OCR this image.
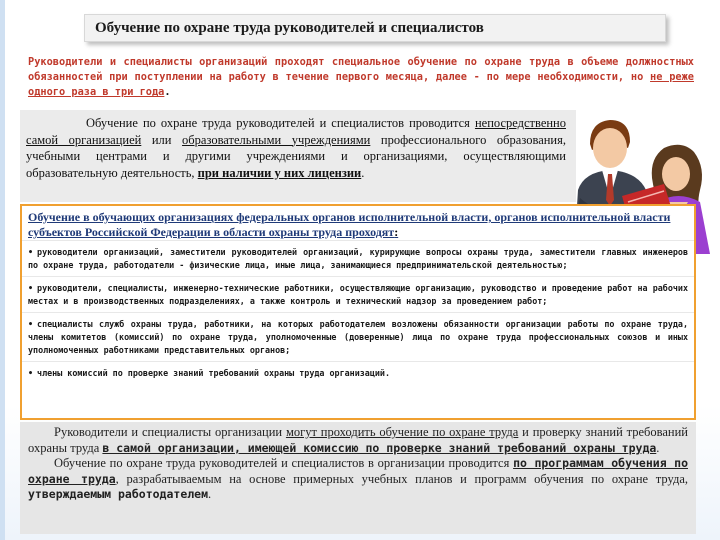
Обучение по охране труда руководителей и специалистов

Руководители и специалисты организаций проходят специальное обучение по охране труда в объеме должностных обязанностей при поступлении на работу в течение первого месяца, далее - по мере необходимости, но не реже одного раза в три года.

Обучение по охране труда руководителей и специалистов проводится непосредственно самой организацией или образовательными учреждениями профессионального образования, учебными центрами и другими учреждениями и организациями, осуществляющими образовательную деятельность, при наличии у них лицензии.

Обучение в обучающих организациях федеральных органов исполнительной власти, органов исполнительной власти субъектов Российской Федерации в области охраны труда проходят:

• руководители организаций, заместители руководителей организаций, курирующие вопросы охраны труда, заместители главных инженеров по охране труда, работодатели - физические лица, иные лица, занимающиеся предпринимательской деятельностью;

• руководители, специалисты, инженерно-технические работники, осуществляющие организацию, руководство и проведение работ на рабочих местах и в производственных подразделениях, а также контроль и технический надзор за проведением работ;

• специалисты служб охраны труда, работники, на которых работодателем возложены обязанности организации работы по охране труда, члены комитетов (комиссий) по охране труда, уполномоченные (доверенные) лица по охране труда профессиональных союзов и иных уполномоченных работниками представительных органов;

• члены комиссий по проверке знаний требований охраны труда организаций.

Руководители и специалисты организации могут проходить обучение по охране труда и проверку знаний требований охраны труда в самой организации, имеющей комиссию по проверке знаний требований охраны труда.

Обучение по охране труда руководителей и специалистов в организации проводится по программам обучения по охране труда, разрабатываемым на основе примерных учебных планов и программ обучения по охране труда, утверждаемым работодателем.
